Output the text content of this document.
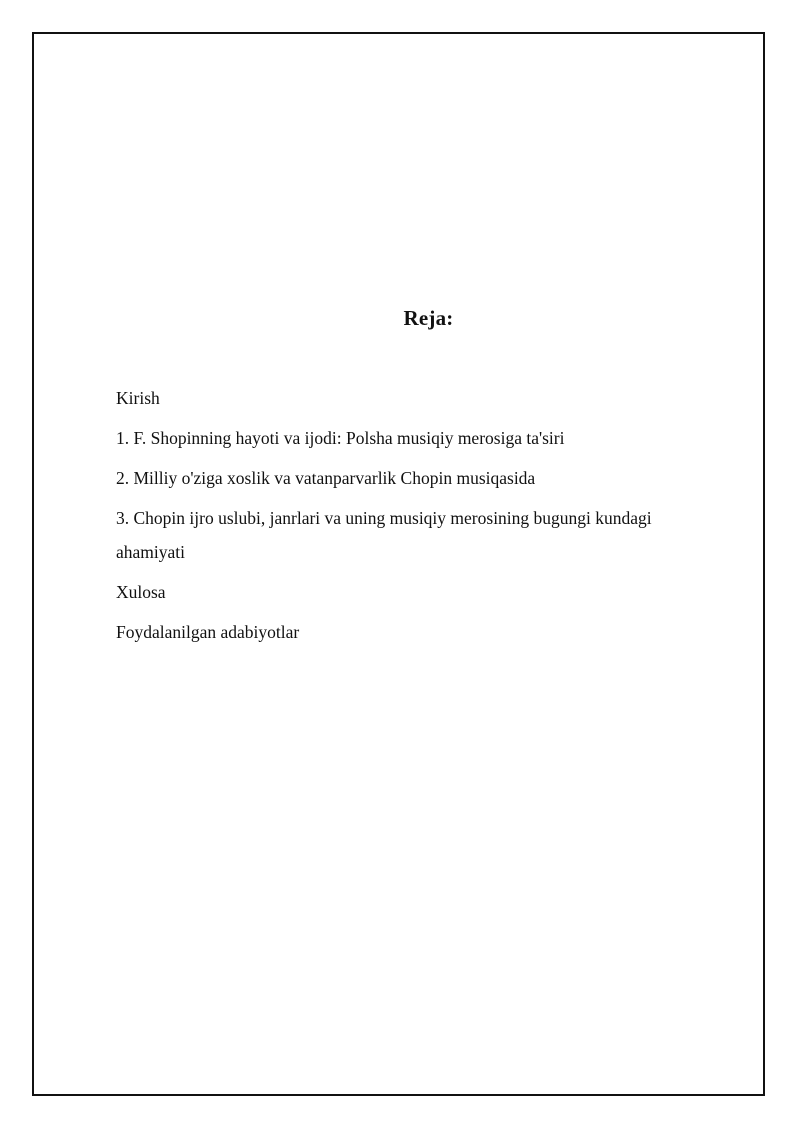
Reja:
Kirish
1. F. Shopinning hayoti va ijodi: Polsha musiqiy merosiga ta'siri
2. Milliy o'ziga xoslik va vatanparvarlik Chopin musiqasida
3. Chopin ijro uslubi, janrlari va uning musiqiy merosining bugungi kundagi ahamiyati
Xulosa
Foydalanilgan adabiyotlar
